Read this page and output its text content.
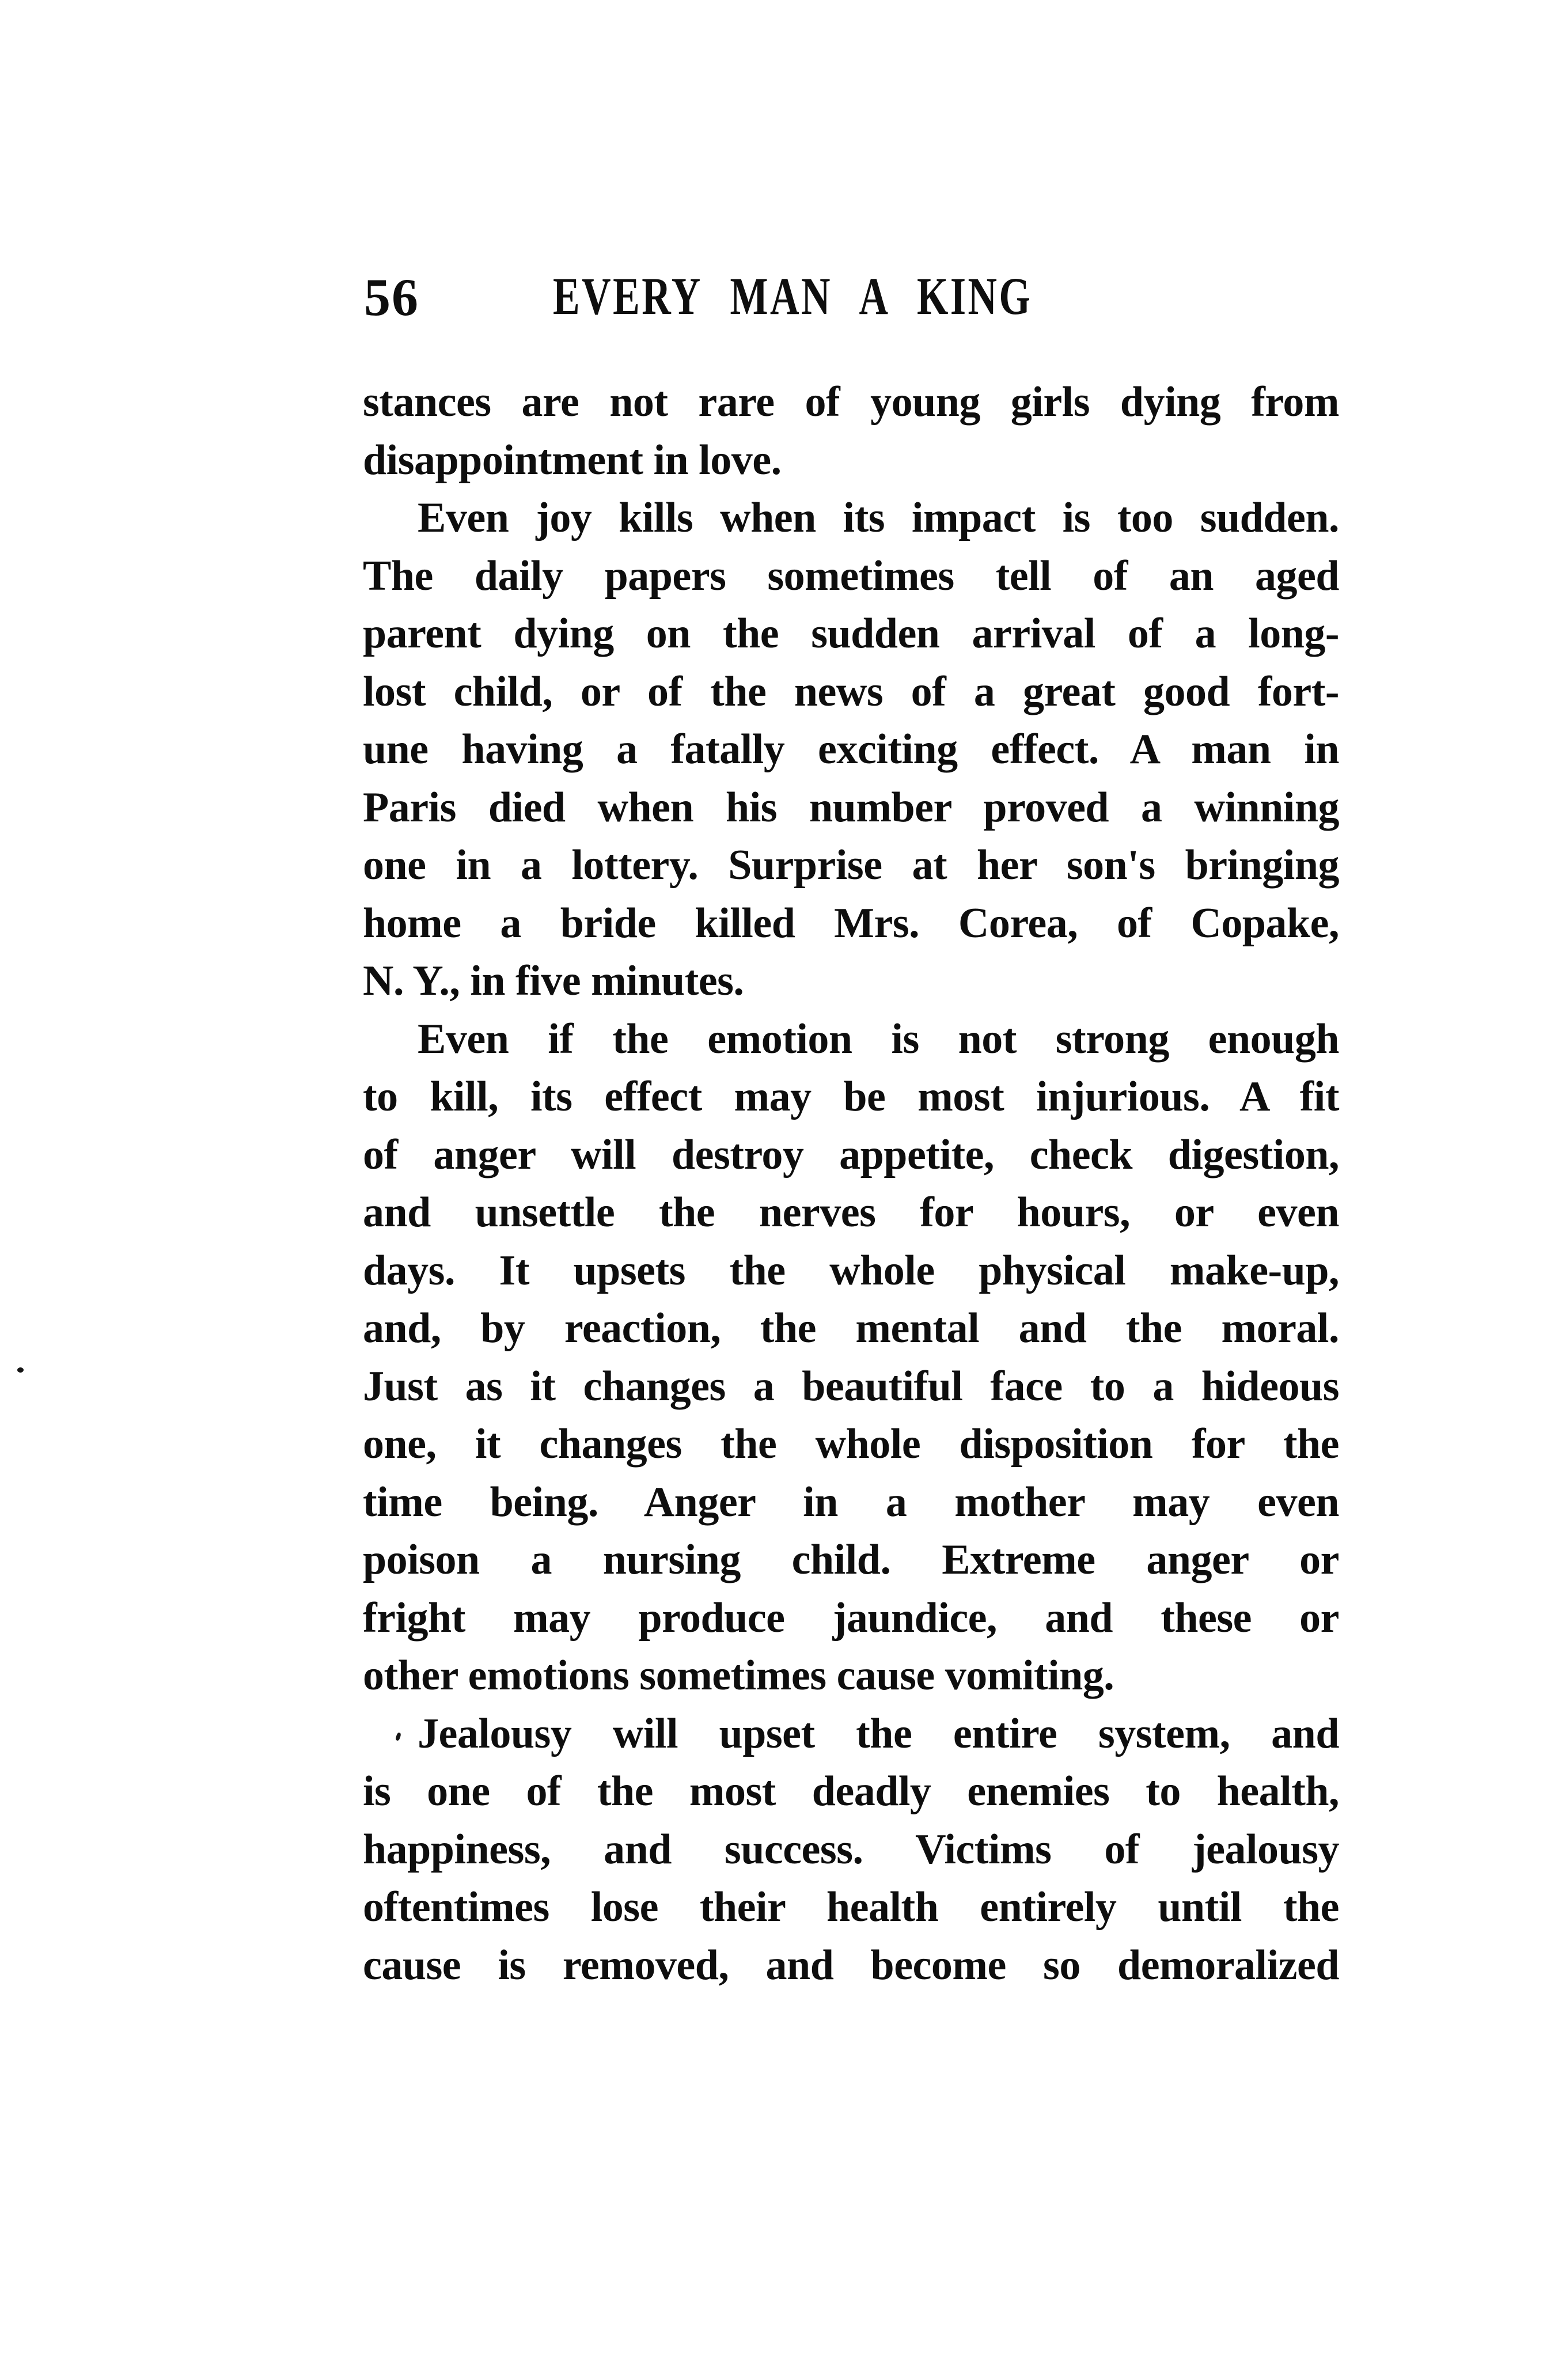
56	EVERY MAN A KING
stances are not rare of young girls dying from
disappointment in love.
Even joy kills when its impact is too sudden.
The daily papers sometimes tell of an aged
parent dying on the sudden arrival of a long-
lost child, or of the news of a great good fort-
une having a fatally exciting effect. A man in
Paris died when his number proved a winning
one in a lottery. Surprise at her son's bringing
home a bride killed Mrs. Corea, of Copake,
N. Y., in five minutes.
Even if the emotion is not strong enough
to kill, its effect may be most injurious. A fit
of anger will destroy appetite, check digestion,
and unsettle the nerves for hours, or even
days. It upsets the whole physical make-up,
and, by reaction, the mental and the moral.
Just as it changes a beautiful face to a hideous
one, it changes the whole disposition for the
time being. Anger in a mother may even
poison a nursing child. Extreme anger or
fright may produce jaundice, and these or
other emotions sometimes cause vomiting.
Jealousy will upset the entire system, and
is one of the most deadly enemies to health,
happiness, and success. Victims of jealousy
oftentimes lose their health entirely until the
cause is removed, and become so demoralized
